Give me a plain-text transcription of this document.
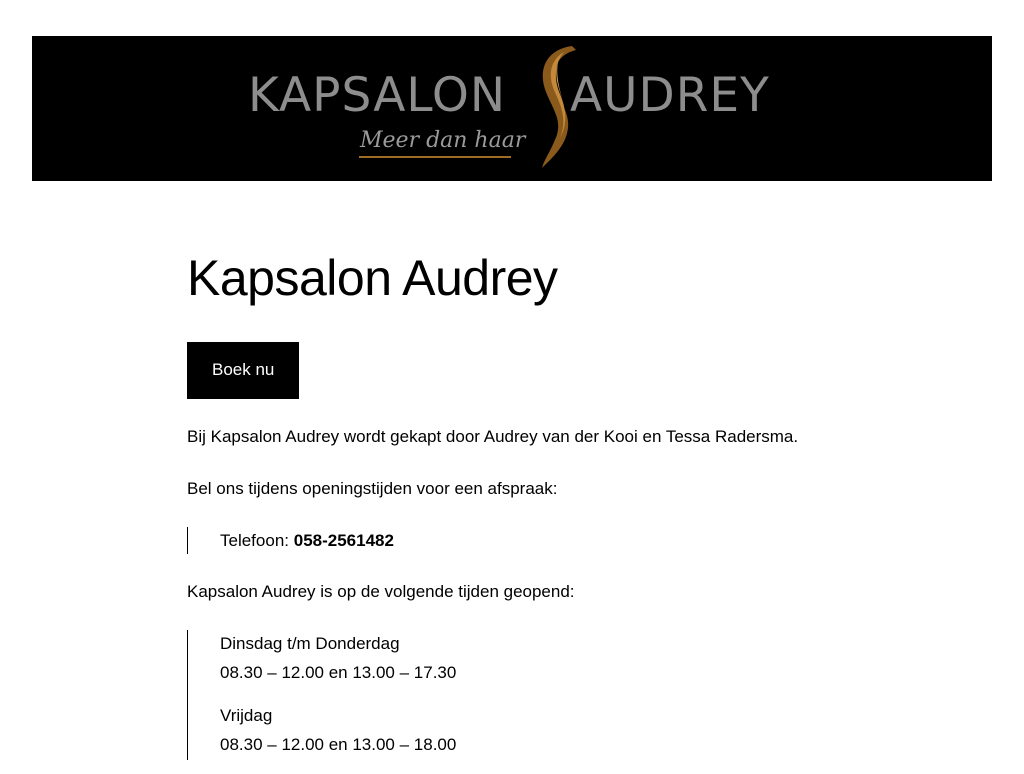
KAPSALON AUDREY
Meer dan haar
Kapsalon Audrey
Boek nu

Bij Kapsalon Audrey wordt gekapt door Audrey van der Kooi en Tessa Radersma.

Bel ons tijdens openingstijden voor een afspraak:

Telefoon: 058-2561482

Kapsalon Audrey is op de volgende tijden geopend:

Dinsdag t/m Donderdag

08.30 – 12.00 en 13.00 – 17.30

Vrijdag

08.30 – 12.00 en 13.00 – 18.00
